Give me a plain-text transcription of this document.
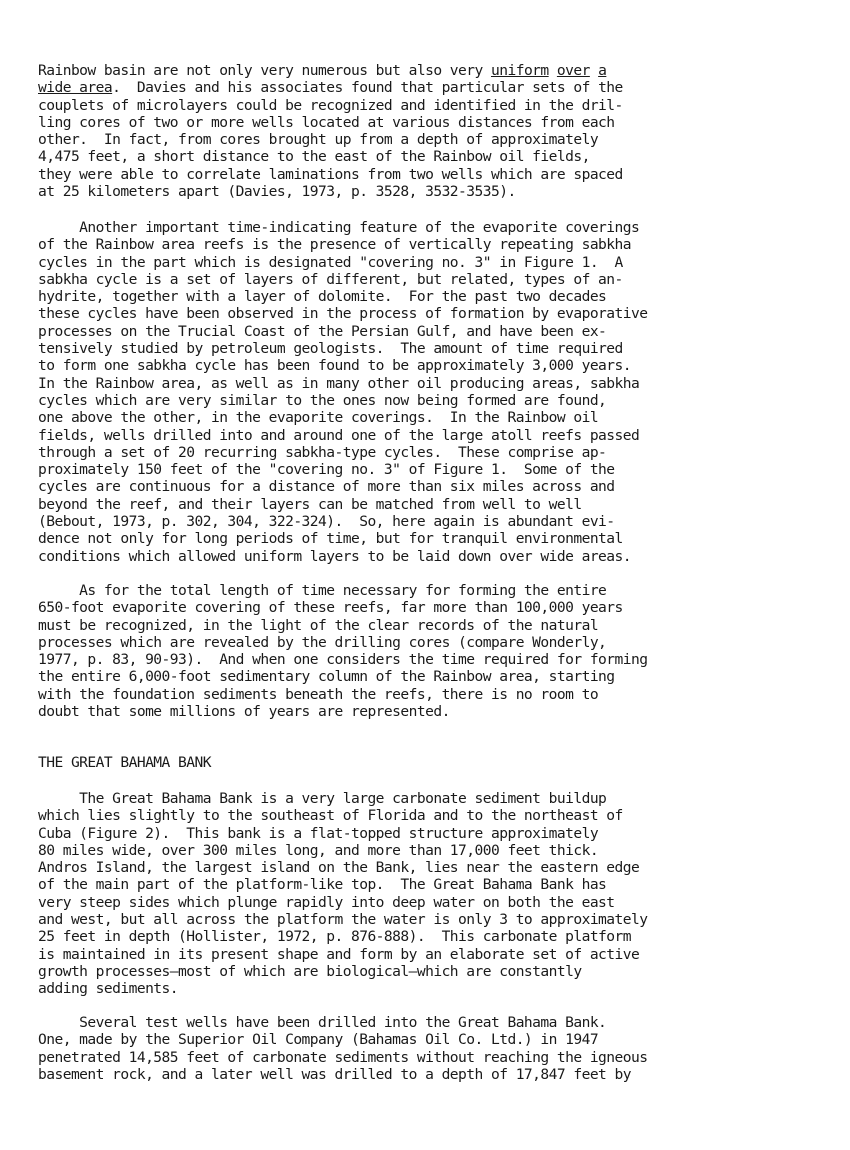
Rainbow basin are not only very numerous but also very uniform over a
wide area.  Davies and his associates found that particular sets of the
couplets of microlayers could be recognized and identified in the dril-
ling cores of two or more wells located at various distances from each
other.  In fact, from cores brought up from a depth of approximately
4,475 feet, a short distance to the east of the Rainbow oil fields,
they were able to correlate laminations from two wells which are spaced
at 25 kilometers apart (Davies, 1973, p. 3528, 3532-3535).

Another important time-indicating feature of the evaporite coverings
of the Rainbow area reefs is the presence of vertically repeating sabkha
cycles in the part which is designated "covering no. 3" in Figure 1.  A
sabkha cycle is a set of layers of different, but related, types of an-
hydrite, together with a layer of dolomite.  For the past two decades
these cycles have been observed in the process of formation by evaporative
processes on the Trucial Coast of the Persian Gulf, and have been ex-
tensively studied by petroleum geologists.  The amount of time required
to form one sabkha cycle has been found to be approximately 3,000 years.
In the Rainbow area, as well as in many other oil producing areas, sabkha
cycles which are very similar to the ones now being formed are found,
one above the other, in the evaporite coverings.  In the Rainbow oil
fields, wells drilled into and around one of the large atoll reefs passed
through a set of 20 recurring sabkha-type cycles.  These comprise ap-
proximately 150 feet of the "covering no. 3" of Figure 1.  Some of the
cycles are continuous for a distance of more than six miles across and
beyond the reef, and their layers can be matched from well to well
(Bebout, 1973, p. 302, 304, 322-324).  So, here again is abundant evi-
dence not only for long periods of time, but for tranquil environmental
conditions which allowed uniform layers to be laid down over wide areas.

As for the total length of time necessary for forming the entire
650-foot evaporite covering of these reefs, far more than 100,000 years
must be recognized, in the light of the clear records of the natural
processes which are revealed by the drilling cores (compare Wonderly,
1977, p. 83, 90-93).  And when one considers the time required for forming
the entire 6,000-foot sedimentary column of the Rainbow area, starting
with the foundation sediments beneath the reefs, there is no room to
doubt that some millions of years are represented.

THE GREAT BAHAMA BANK

The Great Bahama Bank is a very large carbonate sediment buildup
which lies slightly to the southeast of Florida and to the northeast of
Cuba (Figure 2).  This bank is a flat-topped structure approximately
80 miles wide, over 300 miles long, and more than 17,000 feet thick.
Andros Island, the largest island on the Bank, lies near the eastern edge
of the main part of the platform-like top.  The Great Bahama Bank has
very steep sides which plunge rapidly into deep water on both the east
and west, but all across the platform the water is only 3 to approximately
25 feet in depth (Hollister, 1972, p. 876-888).  This carbonate platform
is maintained in its present shape and form by an elaborate set of active
growth processes—most of which are biological—which are constantly
adding sediments.

Several test wells have been drilled into the Great Bahama Bank.
One, made by the Superior Oil Company (Bahamas Oil Co. Ltd.) in 1947
penetrated 14,585 feet of carbonate sediments without reaching the igneous
basement rock, and a later well was drilled to a depth of 17,847 feet by
